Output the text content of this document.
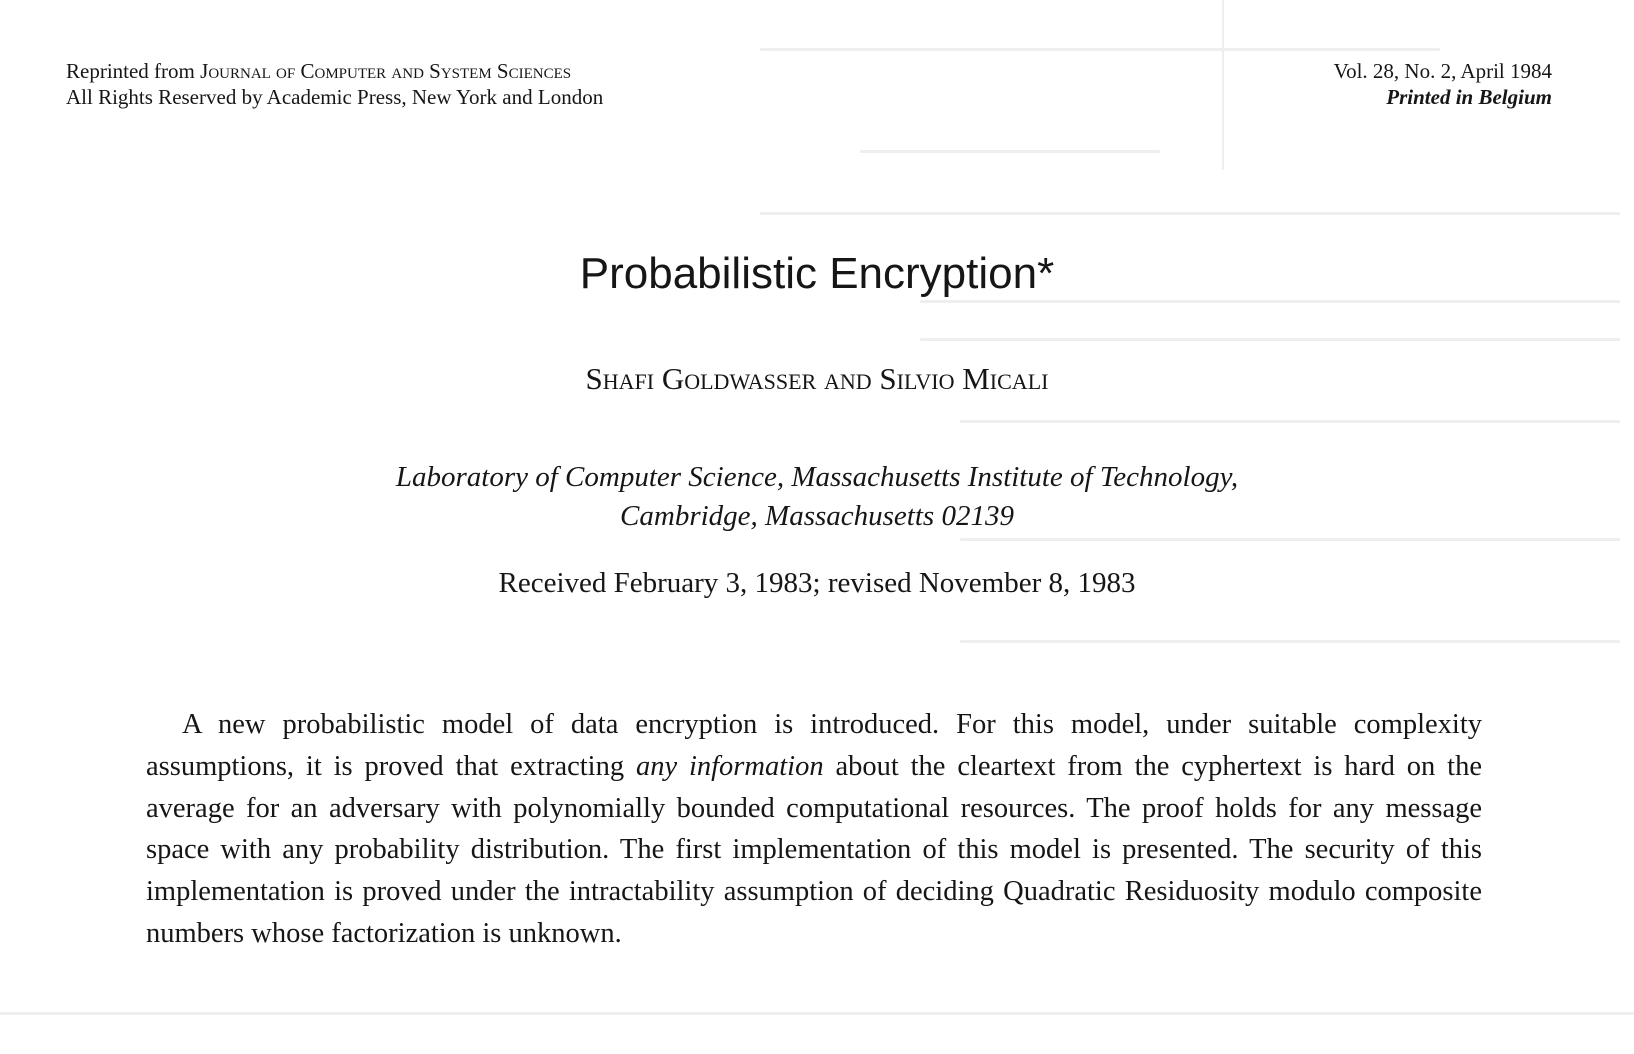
Reprinted from Journal of Computer and System Sciences
All Rights Reserved by Academic Press, New York and London
Vol. 28, No. 2, April 1984
Printed in Belgium
Probabilistic Encryption*
Shafi Goldwasser and Silvio Micali
Laboratory of Computer Science, Massachusetts Institute of Technology,
Cambridge, Massachusetts 02139
Received February 3, 1983; revised November 8, 1983

A new probabilistic model of data encryption is introduced. For this model, under suitable complexity assumptions, it is proved that extracting any information about the cleartext from the cyphertext is hard on the average for an adversary with polynomially bounded computational resources. The proof holds for any message space with any probability distribution. The first implementation of this model is presented. The security of this implementation is proved under the intractability assumption of deciding Quadratic Residuosity modulo composite numbers whose factorization is unknown.
